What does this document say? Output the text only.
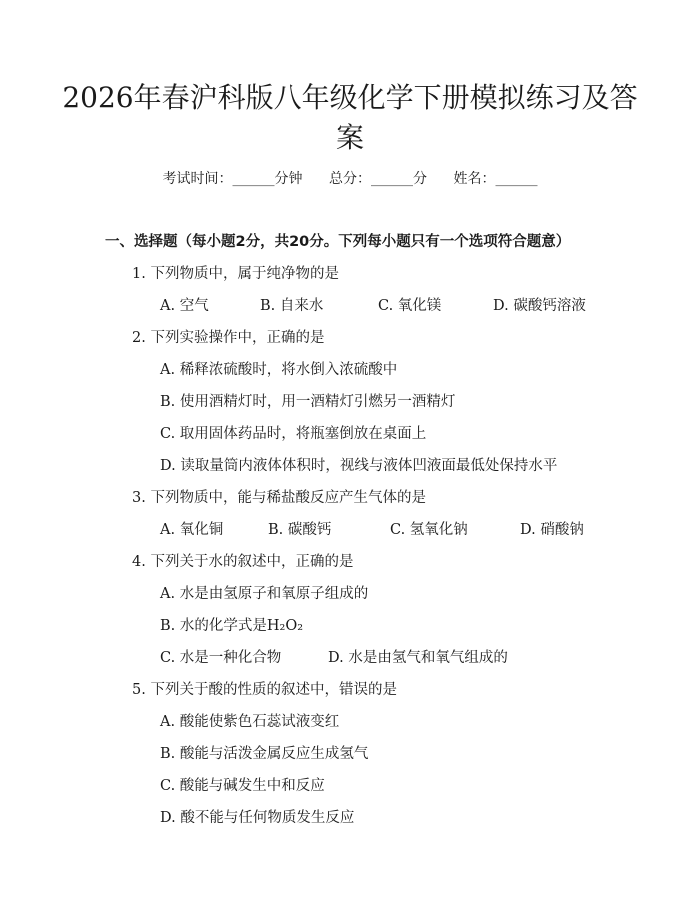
2026年春沪科版八年级化学下册模拟练习及答案
考试时间：______分钟 总分：______分 姓名：______
一、选择题（每小题2分，共20分。下列每小题只有一个选项符合题意）
1. 下列物质中，属于纯净物的是
A. 空气	B. 自来水	C. 氧化镁	D. 碳酸钙溶液
2. 下列实验操作中，正确的是
A. 稀释浓硫酸时，将水倒入浓硫酸中
B. 使用酒精灯时，用一酒精灯引燃另一酒精灯
C. 取用固体药品时，将瓶塞倒放在桌面上
D. 读取量筒内液体体积时，视线与液体凹液面最低处保持水平
3. 下列物质中，能与稀盐酸反应产生气体的是
A. 氧化铜	B. 碳酸钙	C. 氢氧化钠	D. 硝酸钠
4. 下列关于水的叙述中，正确的是
A. 水是由氢原子和氧原子组成的
B. 水的化学式是H₂O₂
C. 水是一种化合物	D. 水是由氢气和氧气组成的
5. 下列关于酸的性质的叙述中，错误的是
A. 酸能使紫色石蕊试液变红
B. 酸能与活泼金属反应生成氢气
C. 酸能与碱发生中和反应
D. 酸不能与任何物质发生反应
